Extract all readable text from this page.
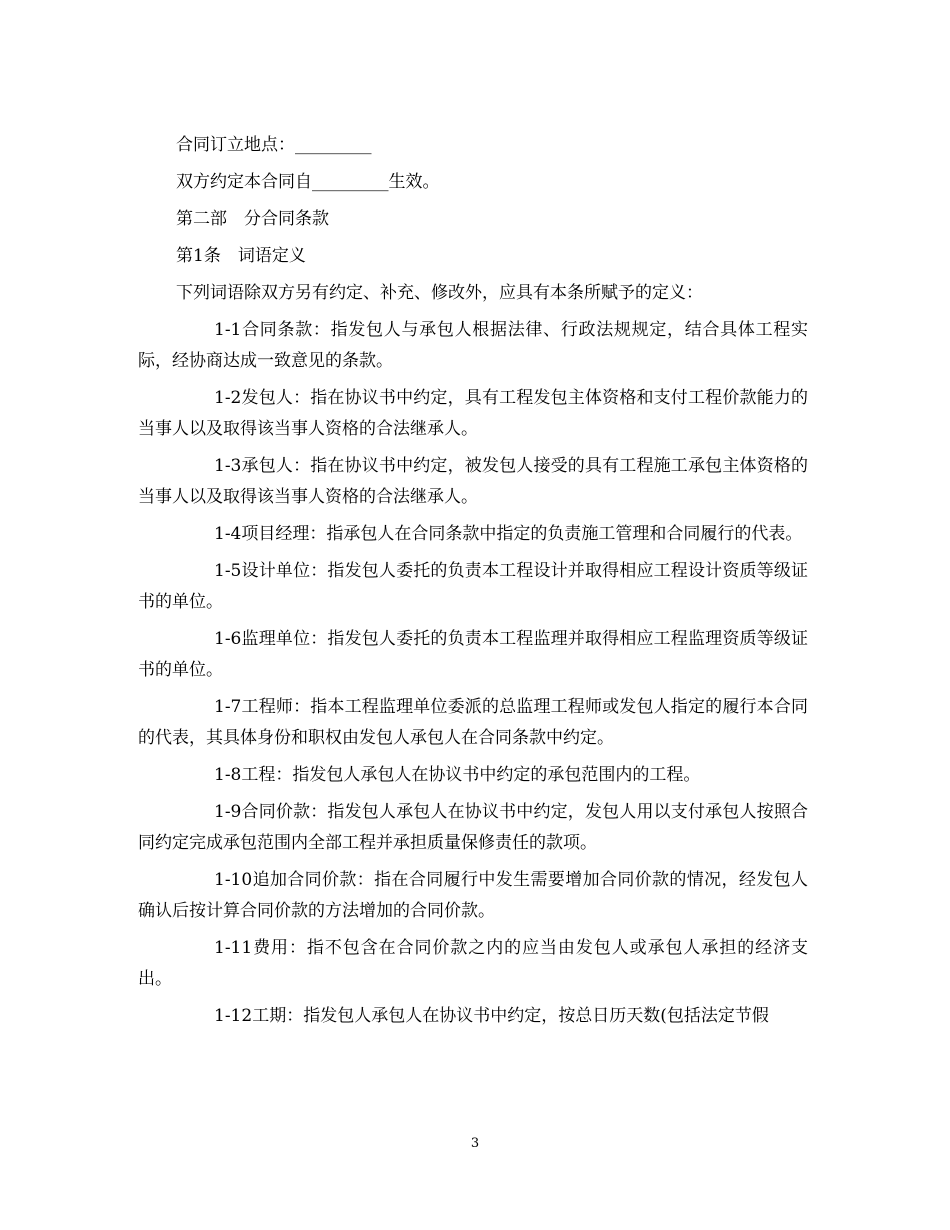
合同订立地点：_________

双方约定本合同自_________生效。

第二部　分合同条款

第1条　词语定义

下列词语除双方另有约定、补充、修改外，应具有本条所赋予的定义：

1-1合同条款：指发包人与承包人根据法律、行政法规规定，结合具体工程实际，经协商达成一致意见的条款。

1-2发包人：指在协议书中约定，具有工程发包主体资格和支付工程价款能力的当事人以及取得该当事人资格的合法继承人。

1-3承包人：指在协议书中约定，被发包人接受的具有工程施工承包主体资格的当事人以及取得该当事人资格的合法继承人。

1-4项目经理：指承包人在合同条款中指定的负责施工管理和合同履行的代表。

1-5设计单位：指发包人委托的负责本工程设计并取得相应工程设计资质等级证书的单位。

1-6监理单位：指发包人委托的负责本工程监理并取得相应工程监理资质等级证书的单位。

1-7工程师：指本工程监理单位委派的总监理工程师或发包人指定的履行本合同的代表，其具体身份和职权由发包人承包人在合同条款中约定。

1-8工程：指发包人承包人在协议书中约定的承包范围内的工程。

1-9合同价款：指发包人承包人在协议书中约定，发包人用以支付承包人按照合同约定完成承包范围内全部工程并承担质量保修责任的款项。

1-10追加合同价款：指在合同履行中发生需要增加合同价款的情况，经发包人确认后按计算合同价款的方法增加的合同价款。

1-11费用：指不包含在合同价款之内的应当由发包人或承包人承担的经济支出。

1-12工期：指发包人承包人在协议书中约定，按总日历天数(包括法定节假

3
